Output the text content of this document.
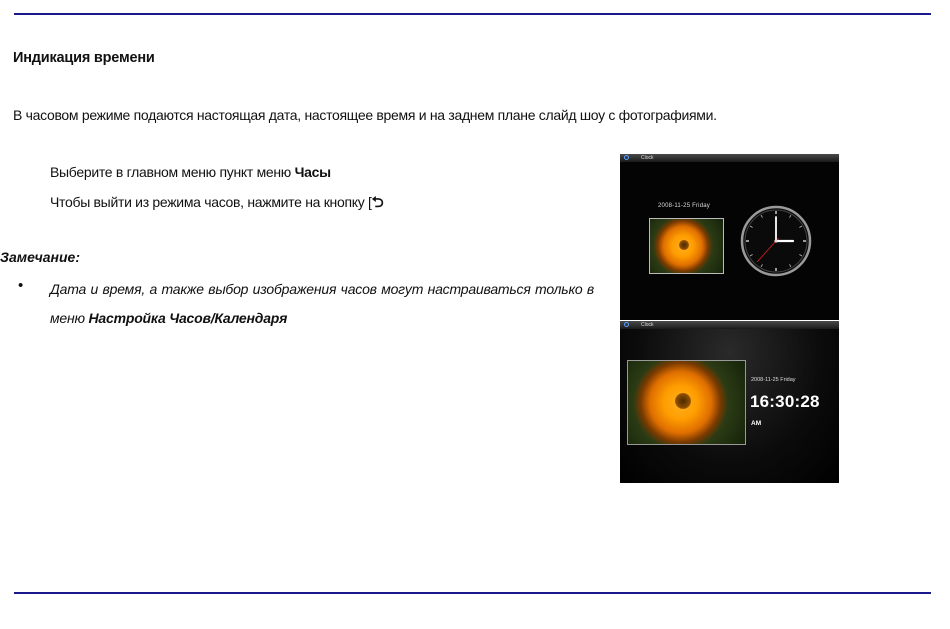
Индикация времени
В часовом режиме подаются настоящая дата, настоящее время и на заднем плане слайд шоу с фотографиями.
Выберите в главном меню пункт меню Часы
Чтобы выйти из режима часов, нажмите на кнопку [⮌
Замечание:
• Дата и время, а также выбор изображения часов могут настраиваться только в меню Настройка Часов/Календаря
Clock
2008-11-25 Friday
Clock
2008-11-25 Friday
16:30:28
AM
